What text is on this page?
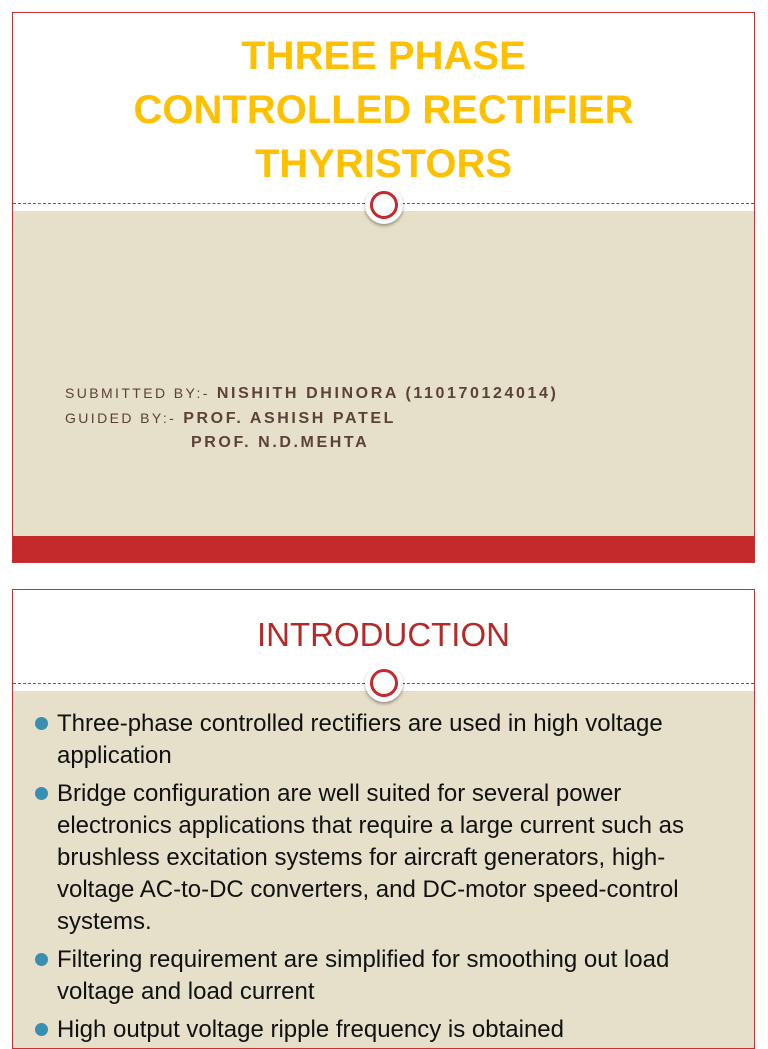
THREE PHASE
CONTROLLED RECTIFIER
THYRISTORS
SUBMITTED BY:- NISHITH DHINORA (110170124014)
GUIDED BY:- PROF. ASHISH PATEL
PROF. N.D.MEHTA
INTRODUCTION
Three-phase controlled rectifiers are used in high voltage application
Bridge configuration are well suited for several power electronics applications that require a large current such as brushless excitation systems for aircraft generators, high-voltage AC-to-DC converters, and DC-motor speed-control systems.
Filtering requirement are simplified for smoothing out load voltage and load current
High output voltage ripple frequency is obtained
